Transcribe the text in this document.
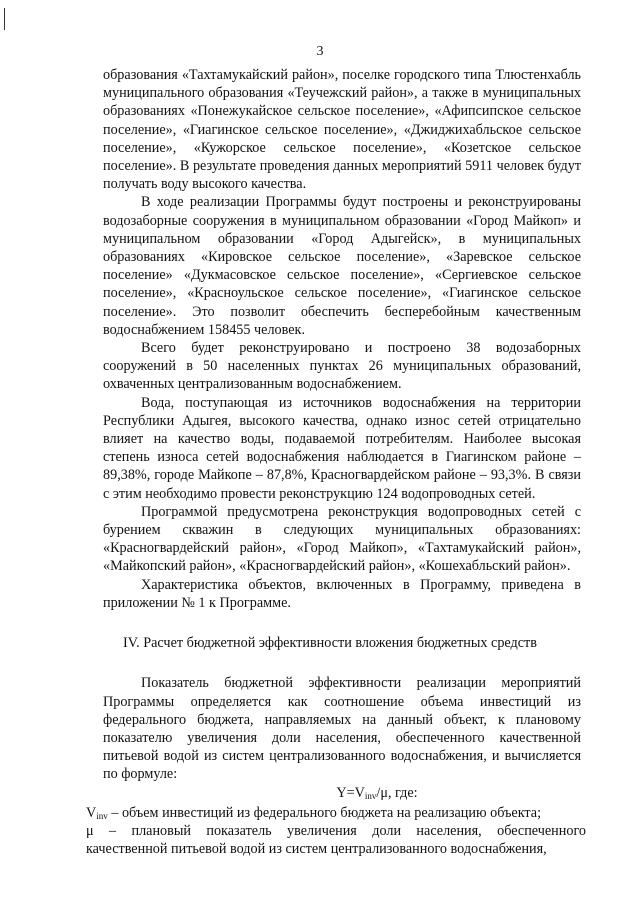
3

образования «Тахтамукайский район», поселке городского типа Тлюстенхабль муниципального образования «Теучежский район», а также в муниципальных образованиях «Понежукайское сельское поселение», «Афипсипское сельское поселение», «Гиагинское сельское поселение», «Джиджихабльское сельское поселение», «Кужорское сельское поселение», «Козетское сельское поселение». В результате проведения данных мероприятий 5911 человек будут получать воду высокого качества.

В ходе реализации Программы будут построены и реконструированы водозаборные сооружения в муниципальном образовании «Город Майкоп» и муниципальном образовании «Город Адыгейск», в муниципальных образованиях «Кировское сельское поселение», «Заревское сельское поселение» «Дукмасовское сельское поселение», «Сергиевское сельское поселение», «Красноульское сельское поселение», «Гиагинское сельское поселение». Это позволит обеспечить бесперебойным качественным водоснабжением 158455 человек.

Всего будет реконструировано и построено 38 водозаборных сооружений в 50 населенных пунктах 26 муниципальных образований, охваченных централизованным водоснабжением.

Вода, поступающая из источников водоснабжения на территории Республики Адыгея, высокого качества, однако износ сетей отрицательно влияет на качество воды, подаваемой потребителям. Наиболее высокая степень износа сетей водоснабжения наблюдается в Гиагинском районе – 89,38%, городе Майкопе – 87,8%, Красногвардейском районе – 93,3%. В связи с этим необходимо провести реконструкцию 124 водопроводных сетей.

Программой предусмотрена реконструкция водопроводных сетей с бурением скважин в следующих муниципальных образованиях: «Красногвардейский район», «Город Майкоп», «Тахтамукайский район», «Майкопский район», «Красногвардейский район», «Кошехабльский район».

Характеристика объектов, включенных в Программу, приведена в приложении № 1 к Программе.

IV. Расчет бюджетной эффективности вложения бюджетных средств

Показатель бюджетной эффективности реализации мероприятий Программы определяется как соотношение объема инвестиций из федерального бюджета, направляемых на данный объект, к плановому показателю увеличения доли населения, обеспеченного качественной питьевой водой из систем централизованного водоснабжения, и вычисляется по формуле:

$Y=V_{inv}/\mu$, где:

$V_{inv}$ – объем инвестиций из федерального бюджета на реализацию объекта;

μ – плановый показатель увеличения доли населения, обеспеченного качественной питьевой водой из систем централизованного водоснабжения,
